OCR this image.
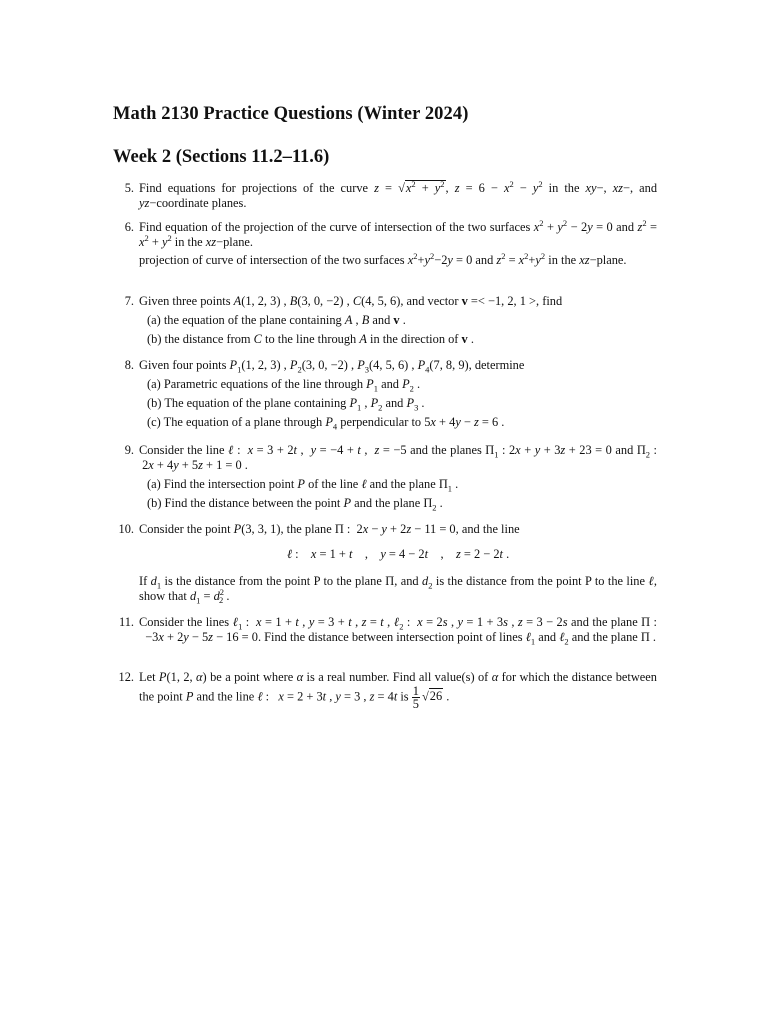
Math 2130 Practice Questions (Winter 2024)
Week 2 (Sections 11.2–11.6)
5. Find equations for projections of the curve $z = √x^2 + y^2$, $z = 6 - x^2 - y^2$ in the xy−, xz−, and yz−coordinate planes.

6. Find equation of the projection of the curve of intersection of the two surfaces $x^2 + y^2 - 2y = 0$ and $z^2 = x^2 + y^2$ in the xz−plane.

projection of curve of intersection of the two surfaces $x^2+y^2-2y = 0$ and $z^2 = x^2+y^2$ in the xz−plane.

7. Given three points A(1, 2, 3) , B(3, 0, −2) , C(4, 5, 6), and vector v =< −1, 2, 1 >, find

(a) the equation of the plane containing A , B and v .
(b) the distance from C to the line through A in the direction of v .
8. Given four points $P_1(1$, 2, 3) , $P_2(3$, 0, −2) , $P_3(4$, 5, 6) , $P_4(7$, 8, 9), determine

(a) Parametric equations of the line through $P_1$ and $P_2$ .
(b) The equation of the plane containing $P_1$ , $P_2$ and $P_3$ .
(c) The equation of a plane through $P_4$ perpendicular to 5x + 4y − z = 6 .
9. Consider the line ℓ :  x = 3 + 2t ,  y = −4 + t ,  z = −5 and the planes $\Pi_1$ : 2x + y + 3z + 23 = 0 and $\Pi_2$ :  2x + 4y + 5z + 1 = 0 .

(a) Find the intersection point P of the line ℓ and the plane $\Pi_1$ .
(b) Find the distance between the point P and the plane $\Pi_2$ .
10. Consider the point P(3, 3, 1), the plane Π :  2x − y + 2z − 11 = 0, and the line

ℓ :    x = 1 + t    ,    y = 4 − 2t    ,    z = 2 − 2t .

If $d_1$ is the distance from the point P to the plane Π, and $d_2$ is the distance from the point P to the line ℓ, show that $d_1 = d^2_2$ .

11. Consider the lines ℓ$_1$ :  x = 1 + t , y = 3 + t , z = t , ℓ$_2$ :  x = 2s , y = 1 + 3s , z = 3 − 2s and the plane Π :   −3x + 2y − 5z − 16 = 0. Find the distance between intersection point of lines ℓ$_1$ and ℓ$_2$ and the plane Π .

12. Let P(1, 2, α) be a point where α is a real number. Find all value(s) of α for which the distance between the point P and the line ℓ :   x = 2 + 3t , y = 3 , z = 4t is $\frac{1}{5} √26$ .
